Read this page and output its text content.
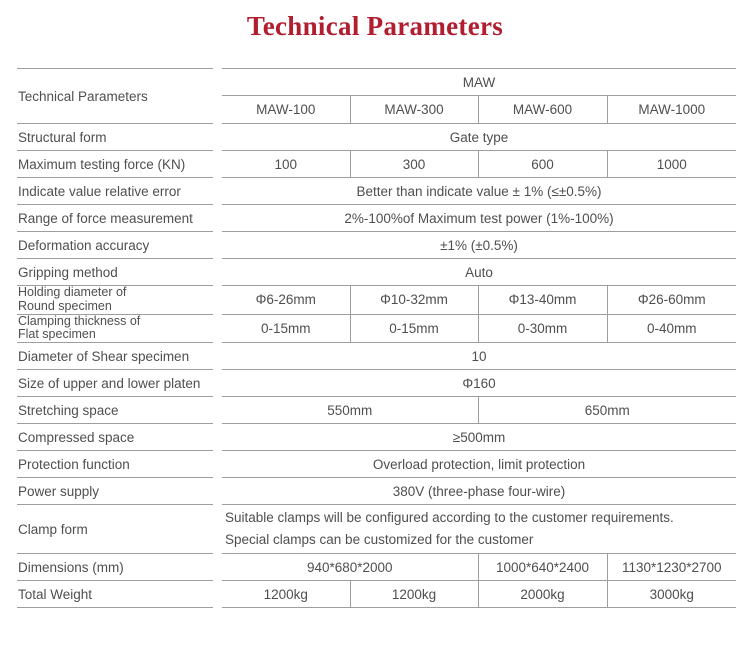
Technical Parameters
Technical Parameters		MAW			
		MAW-100	MAW-300	MAW-600	MAW-1000
Structural form		Gate type			
Maximum testing force (KN)		100	300	600	1000
Indicate value relative error		Better than indicate value ± 1% (≤±0.5%)			
Range of force measurement		2%-100%of Maximum test power (1%-100%)			
Deformation accuracy		±1% (±0.5%)			
Gripping method		Auto			
Holding diameter of
Round specimen		Φ6-26mm	Φ10-32mm	Φ13-40mm	Φ26-60mm
Clamping thickness of
Flat specimen		0-15mm	0-15mm	0-30mm	0-40mm
Diameter of Shear specimen		10			
Size of upper and lower platen		Φ160			
Stretching space		550mm		650mm	
Compressed space		≥500mm			
Protection function		Overload protection, limit protection			
Power supply		380V (three-phase four-wire)			
Clamp form		Suitable clamps will be configured according to the customer requirements.
Special clamps can be customized for the customer			

Dimensions (mm)		940*680*2000		1000*640*2400	1130*1230*2700
Total Weight		1200kg	1200kg	2000kg	3000kg
